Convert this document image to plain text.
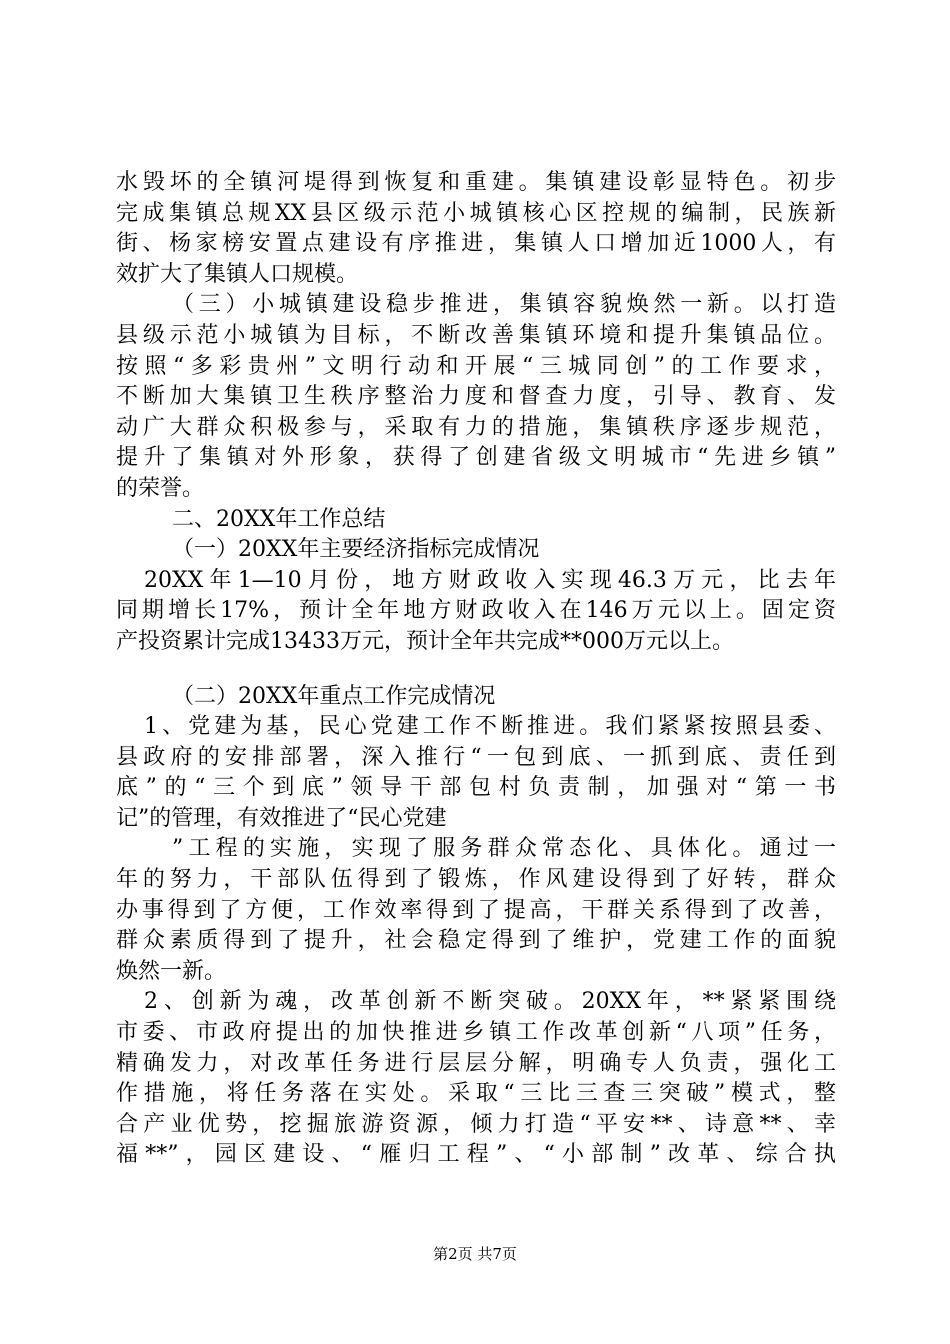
水毁坏的全镇河堤得到恢复和重建。集镇建设彰显特色。初步
完成集镇总规XX县区级示范小城镇核心区控规的编制，民族新
街、杨家榜安置点建设有序推进，集镇人口增加近1000人，有
效扩大了集镇人口规模。
（三）小城镇建设稳步推进，集镇容貌焕然一新。以打造
县级示范小城镇为目标，不断改善集镇环境和提升集镇品位。
按照“多彩贵州”文明行动和开展“三城同创”的工作要求，
不断加大集镇卫生秩序整治力度和督查力度，引导、教育、发
动广大群众积极参与，采取有力的措施，集镇秩序逐步规范，
提升了集镇对外形象，获得了创建省级文明城市“先进乡镇”
的荣誉。
二、20XX年工作总结
（一）20XX年主要经济指标完成情况
20XX年1—10月份，地方财政收入实现46.3万元，比去年
同期增长17%，预计全年地方财政收入在146万元以上。固定资
产投资累计完成13433万元，预计全年共完成**000万元以上。
（二）20XX年重点工作完成情况
1、党建为基，民心党建工作不断推进。我们紧紧按照县委、
县政府的安排部署，深入推行“一包到底、一抓到底、责任到
底”的“三个到底”领导干部包村负责制，加强对“第一书
记”的管理，有效推进了“民心党建
”工程的实施，实现了服务群众常态化、具体化。通过一
年的努力，干部队伍得到了锻炼，作风建设得到了好转，群众
办事得到了方便，工作效率得到了提高，干群关系得到了改善，
群众素质得到了提升，社会稳定得到了维护，党建工作的面貌
焕然一新。
2、创新为魂，改革创新不断突破。20XX年，**紧紧围绕
市委、市政府提出的加快推进乡镇工作改革创新“八项”任务，
精确发力，对改革任务进行层层分解，明确专人负责，强化工
作措施，将任务落在实处。采取“三比三查三突破”模式，整
合产业优势，挖掘旅游资源，倾力打造“平安**、诗意**、幸
福**”，园区建设、“雁归工程”、“小部制”改革、综合执
第2页 共7页
